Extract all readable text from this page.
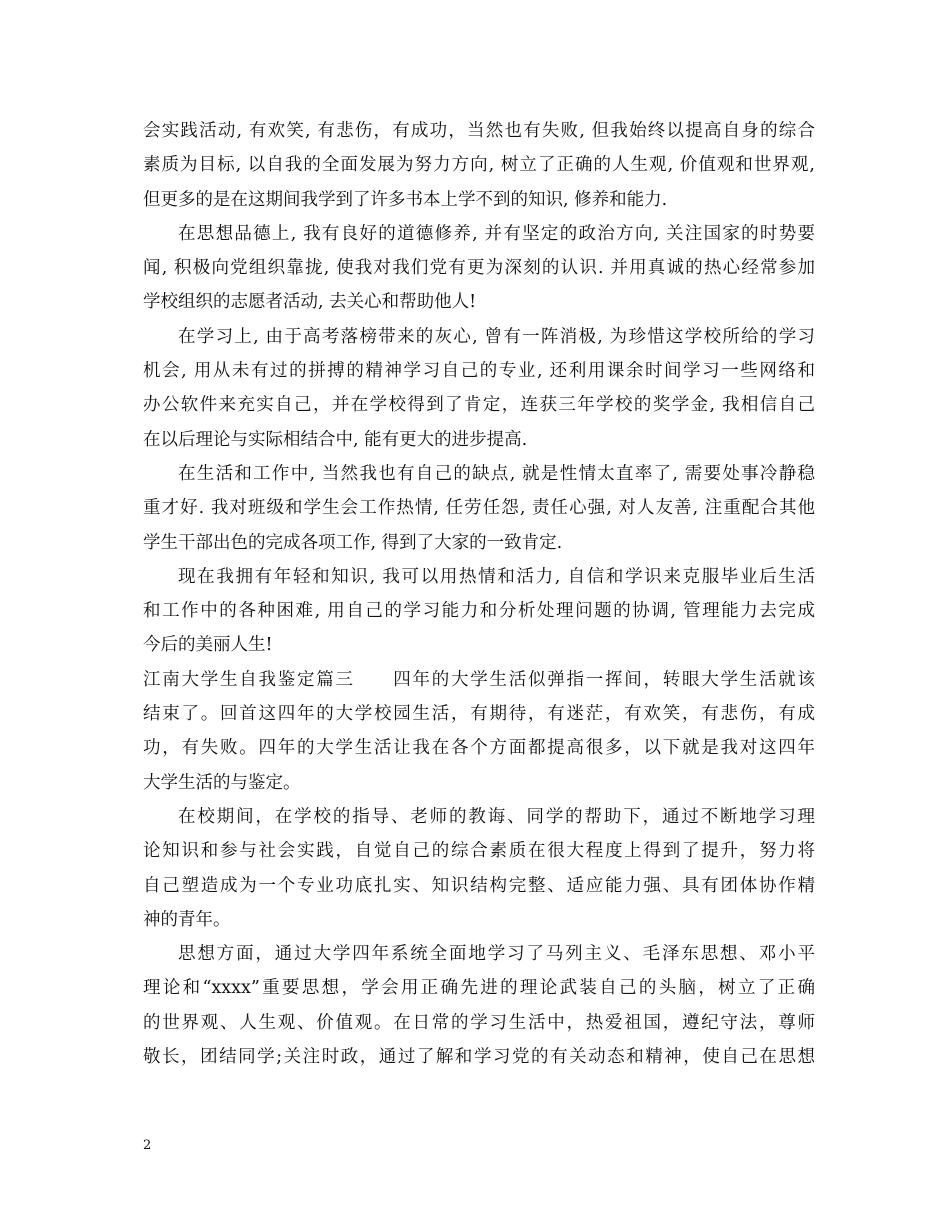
会实践活动, 有欢笑, 有悲伤，有成功，当然也有失败, 但我始终以提高自身的综合
素质为目标, 以自我的全面发展为努力方向, 树立了正确的人生观, 价值观和世界观,
但更多的是在这期间我学到了许多书本上学不到的知识, 修养和能力.
在思想品德上, 我有良好的道德修养, 并有坚定的政治方向, 关注国家的时势要
闻, 积极向党组织靠拢, 使我对我们党有更为深刻的认识. 并用真诚的热心经常参加
学校组织的志愿者活动, 去关心和帮助他人!
在学习上, 由于高考落榜带来的灰心, 曾有一阵消极, 为珍惜这学校所给的学习
机会, 用从未有过的拼搏的精神学习自己的专业, 还利用课余时间学习一些网络和
办公软件来充实自己，并在学校得到了肯定，连获三年学校的奖学金, 我相信自己
在以后理论与实际相结合中, 能有更大的进步提高.
在生活和工作中, 当然我也有自己的缺点, 就是性情太直率了, 需要处事冷静稳
重才好. 我对班级和学生会工作热情, 任劳任怨, 责任心强, 对人友善, 注重配合其他
学生干部出色的完成各项工作, 得到了大家的一致肯定.
现在我拥有年轻和知识, 我可以用热情和活力, 自信和学识来克服毕业后生活
和工作中的各种困难, 用自己的学习能力和分析处理问题的协调, 管理能力去完成
今后的美丽人生!
江南大学生自我鉴定篇三　　四年的大学生活似弹指一挥间，转眼大学生活就该
结束了。回首这四年的大学校园生活，有期待，有迷茫，有欢笑，有悲伤，有成
功，有失败。四年的大学生活让我在各个方面都提高很多，以下就是我对这四年
大学生活的与鉴定。
在校期间，在学校的指导、老师的教诲、同学的帮助下，通过不断地学习理
论知识和参与社会实践，自觉自己的综合素质在很大程度上得到了提升，努力将
自己塑造成为一个专业功底扎实、知识结构完整、适应能力强、具有团体协作精
神的青年。
思想方面，通过大学四年系统全面地学习了马列主义、毛泽东思想、邓小平
理论和“xxxx”重要思想，学会用正确先进的理论武装自己的头脑，树立了正确
的世界观、人生观、价值观。在日常的学习生活中，热爱祖国，遵纪守法，尊师
敬长，团结同学;关注时政，通过了解和学习党的有关动态和精神，使自己在思想
2
